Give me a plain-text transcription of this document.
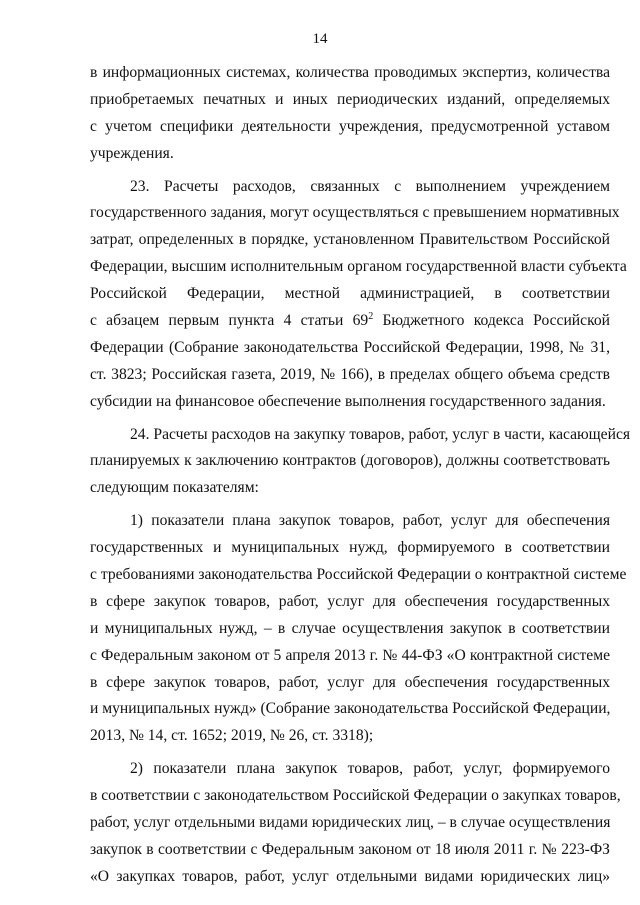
14
в информационных системах, количества проводимых экспертиз, количества
приобретаемых печатных и иных периодических изданий, определяемых
с учетом специфики деятельности учреждения, предусмотренной уставом
учреждения.
23. Расчеты расходов, связанных с выполнением учреждением
государственного задания, могут осуществляться с превышением нормативных
затрат, определенных в порядке, установленном Правительством Российской
Федерации, высшим исполнительным органом государственной власти субъекта
Российской Федерации, местной администрацией, в соответствии
с абзацем первым пункта 4 статьи $69^2$ Бюджетного кодекса Российской
Федерации (Собрание законодательства Российской Федерации, 1998, № 31,
ст. 3823; Российская газета, 2019, № 166), в пределах общего объема средств
субсидии на финансовое обеспечение выполнения государственного задания.
24. Расчеты расходов на закупку товаров, работ, услуг в части, касающейся
планируемых к заключению контрактов (договоров), должны соответствовать
следующим показателям:
1) показатели плана закупок товаров, работ, услуг для обеспечения
государственных и муниципальных нужд, формируемого в соответствии
с требованиями законодательства Российской Федерации о контрактной системе
в сфере закупок товаров, работ, услуг для обеспечения государственных
и муниципальных нужд, – в случае осуществления закупок в соответствии
с Федеральным законом от 5 апреля 2013 г. № 44-ФЗ «О контрактной системе
в сфере закупок товаров, работ, услуг для обеспечения государственных
и муниципальных нужд» (Собрание законодательства Российской Федерации,
2013, № 14, ст. 1652; 2019, № 26, ст. 3318);
2) показатели плана закупок товаров, работ, услуг, формируемого
в соответствии с законодательством Российской Федерации о закупках товаров,
работ, услуг отдельными видами юридических лиц, – в случае осуществления
закупок в соответствии с Федеральным законом от 18 июля 2011 г. № 223-ФЗ
«О закупках товаров, работ, услуг отдельными видами юридических лиц»
